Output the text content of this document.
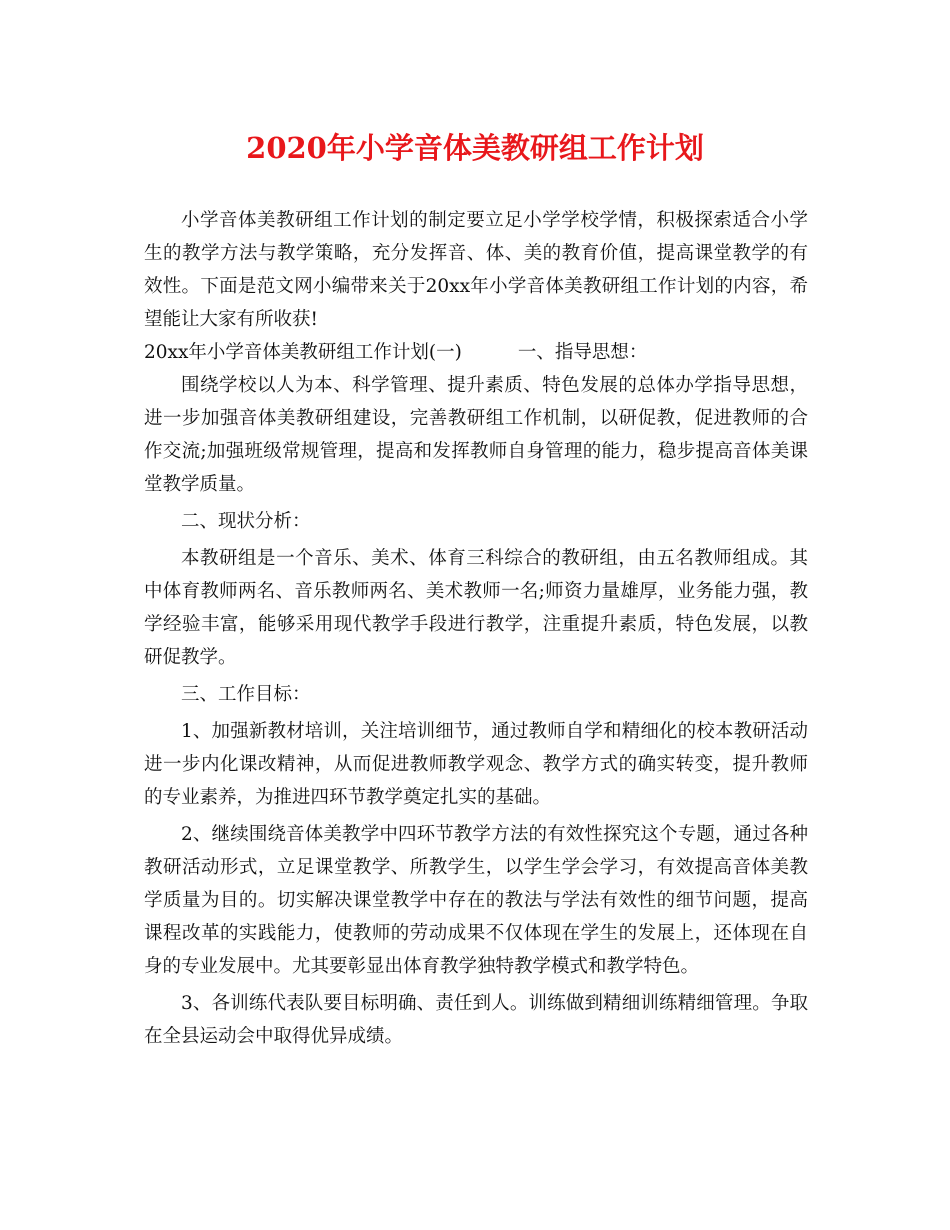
2020年小学音体美教研组工作计划

小学音体美教研组工作计划的制定要立足小学学校学情，积极探索适合小学生的教学方法与教学策略，充分发挥音、体、美的教育价值，提高课堂教学的有效性。下面是范文网小编带来关于20xx年小学音体美教研组工作计划的内容，希望能让大家有所收获!

20xx年小学音体美教研组工作计划(一)	一、指导思想：

围绕学校以人为本、科学管理、提升素质、特色发展的总体办学指导思想，进一步加强音体美教研组建设，完善教研组工作机制，以研促教，促进教师的合作交流;加强班级常规管理，提高和发挥教师自身管理的能力，稳步提高音体美课堂教学质量。

二、现状分析：

本教研组是一个音乐、美术、体育三科综合的教研组，由五名教师组成。其中体育教师两名、音乐教师两名、美术教师一名;师资力量雄厚，业务能力强，教学经验丰富，能够采用现代教学手段进行教学，注重提升素质，特色发展，以教研促教学。

三、工作目标：

1、加强新教材培训，关注培训细节，通过教师自学和精细化的校本教研活动进一步内化课改精神，从而促进教师教学观念、教学方式的确实转变，提升教师的专业素养，为推进四环节教学奠定扎实的基础。

2、继续围绕音体美教学中四环节教学方法的有效性探究这个专题，通过各种教研活动形式，立足课堂教学、所教学生，以学生学会学习，有效提高音体美教学质量为目的。切实解决课堂教学中存在的教法与学法有效性的细节问题，提高课程改革的实践能力，使教师的劳动成果不仅体现在学生的发展上，还体现在自身的专业发展中。尤其要彰显出体育教学独特教学模式和教学特色。

3、各训练代表队要目标明确、责任到人。训练做到精细训练精细管理。争取在全县运动会中取得优异成绩。
